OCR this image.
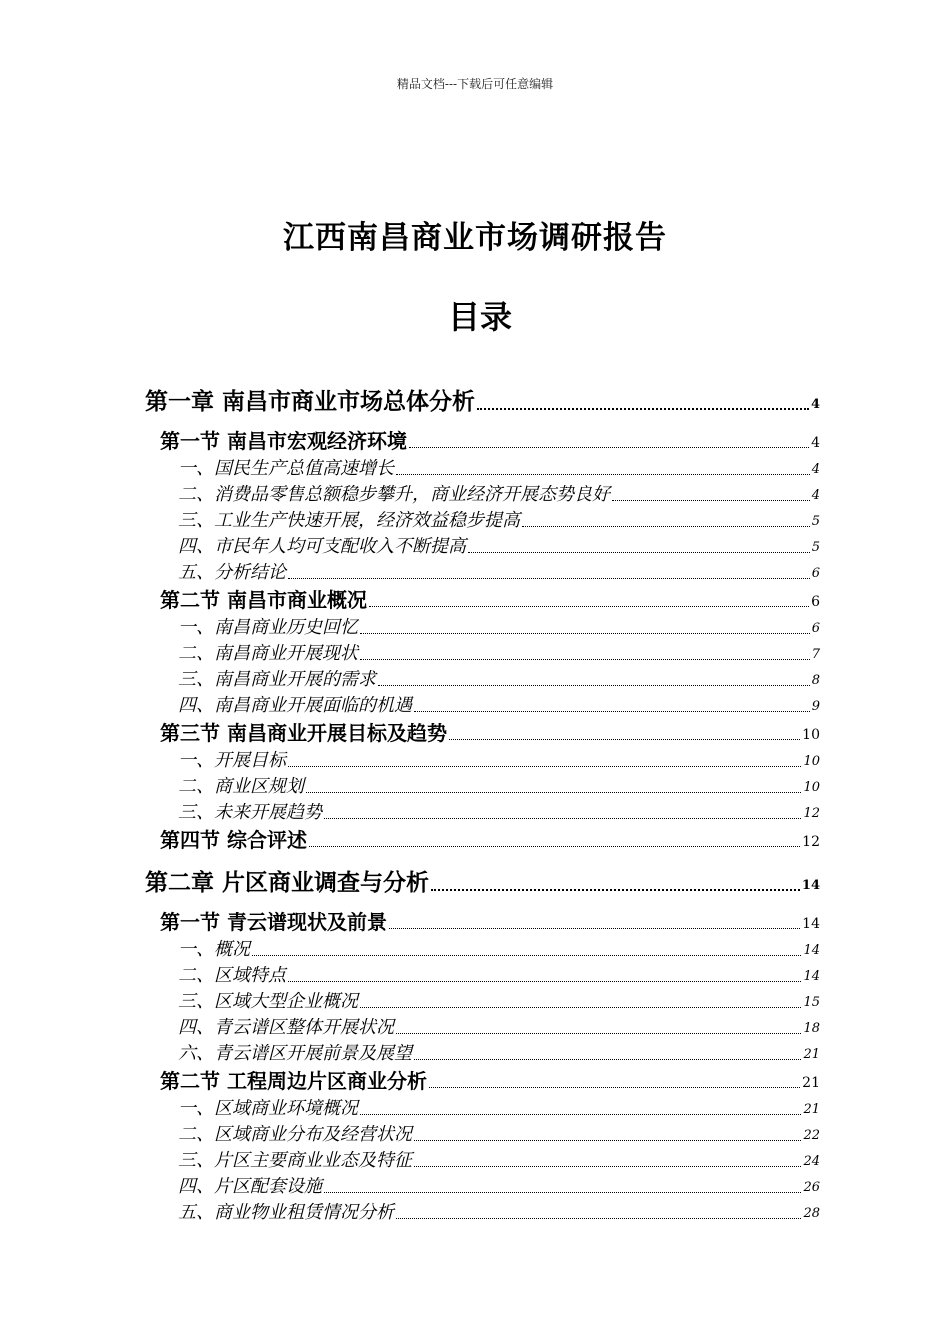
精品文档---下载后可任意编辑
江西南昌商业市场调研报告
目录
第一章 南昌市商业市场总体分析	4
第一节 南昌市宏观经济环境	4
一、国民生产总值高速增长	4
二、消费品零售总额稳步攀升，商业经济开展态势良好	4
三、工业生产快速开展，经济效益稳步提高	5
四、市民年人均可支配收入不断提高	5
五、分析结论	6
第二节 南昌市商业概况	6
一、南昌商业历史回忆	6
二、南昌商业开展现状	7
三、南昌商业开展的需求	8
四、南昌商业开展面临的机遇	9
第三节 南昌商业开展目标及趋势	10
一、开展目标	10
二、商业区规划	10
三、未来开展趋势	12
第四节 综合评述	12
第二章 片区商业调查与分析	14
第一节 青云谱现状及前景	14
一、概况	14
二、区域特点	14
三、区域大型企业概况	15
四、青云谱区整体开展状况	18
六、青云谱区开展前景及展望	21
第二节 工程周边片区商业分析	21
一、区域商业环境概况	21
二、区域商业分布及经营状况	22
三、片区主要商业业态及特征	24
四、片区配套设施	26
五、商业物业租赁情况分析	28
